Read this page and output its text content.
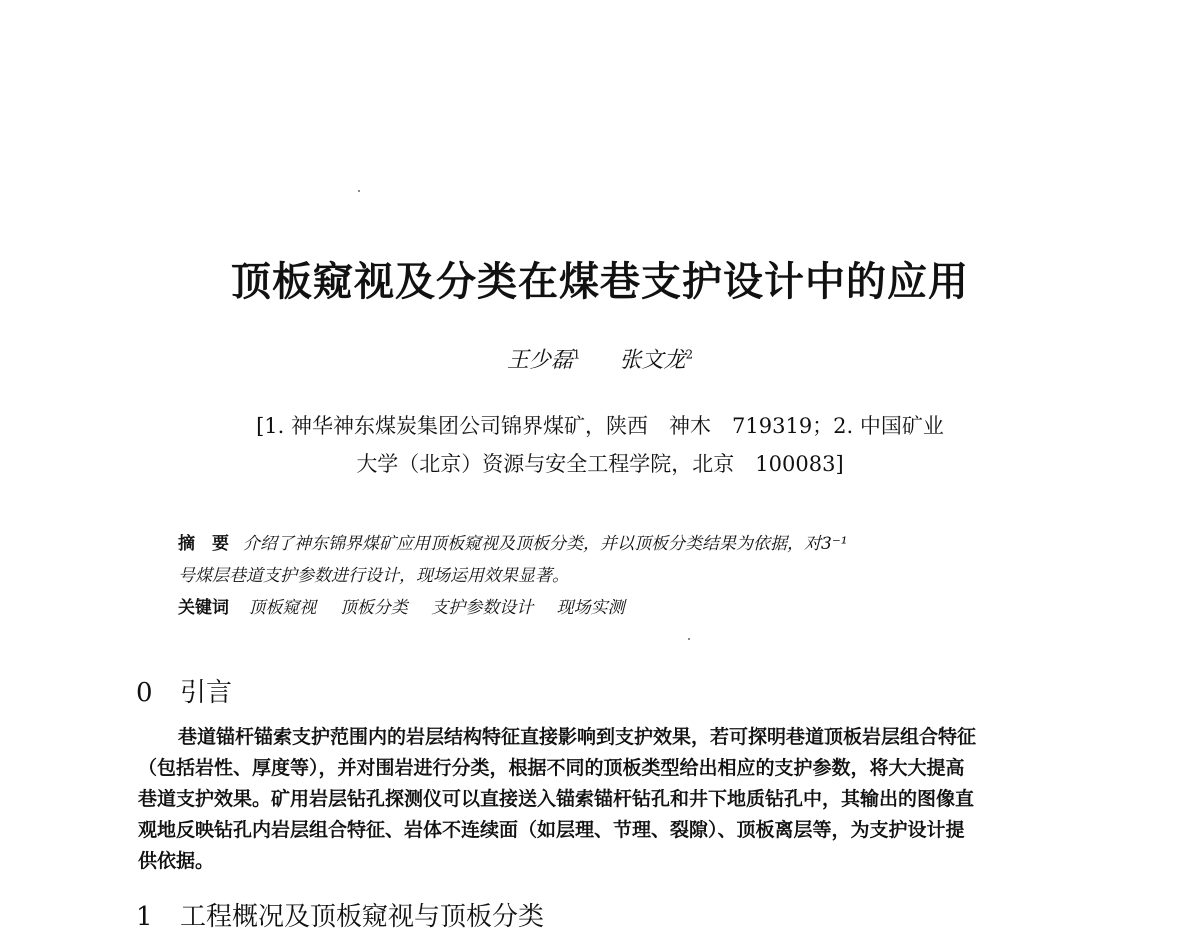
顶板窥视及分类在煤巷支护设计中的应用
王少磊$^1$ 张文龙$^2$
[1. 神华神东煤炭集团公司锦界煤矿，陕西　神木　719319；2. 中国矿业
大学（北京）资源与安全工程学院，北京　100083]
摘　要 介绍了神东锦界煤矿应用顶板窥视及顶板分类，并以顶板分类结果为依据，对3⁻¹
号煤层巷道支护参数进行设计，现场运用效果显著。
关键词 顶板窥视 顶板分类 支护参数设计 现场实测
0 引言
巷道锚杆锚索支护范围内的岩层结构特征直接影响到支护效果，若可探明巷道顶板岩层组合特征
（包括岩性、厚度等），并对围岩进行分类，根据不同的顶板类型给出相应的支护参数，将大大提高
巷道支护效果。矿用岩层钻孔探测仪可以直接送入锚索锚杆钻孔和井下地质钻孔中，其输出的图像直
观地反映钻孔内岩层组合特征、岩体不连续面（如层理、节理、裂隙）、顶板离层等，为支护设计提
供依据。
1 工程概况及顶板窥视与顶板分类
